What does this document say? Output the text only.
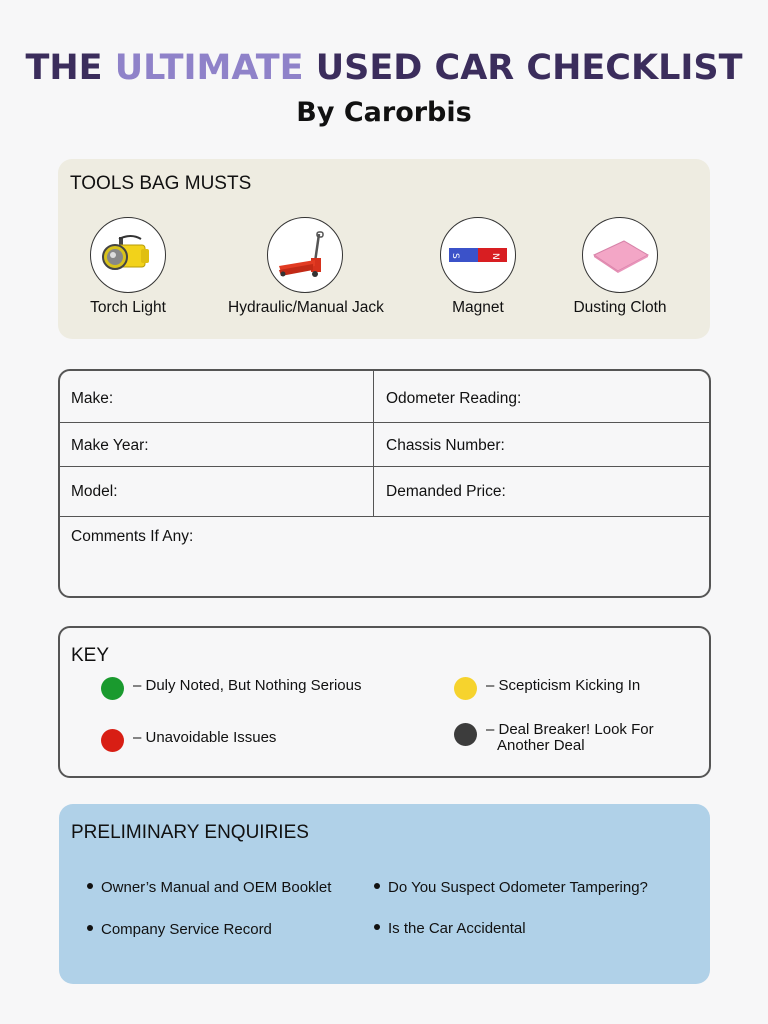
THE ULTIMATE USED CAR CHECKLIST
By Carorbis
TOOLS BAG MUSTS
Torch Light	Hydraulic/Manual Jack
S	N
Magnet	Dusting Cloth
Make:	Odometer Reading:
Make Year:	Chassis Number:
Model:	Demanded Price:
Comments If Any:
KEY
– Duly Noted, But Nothing Serious	– Scepticism Kicking In
– Unavoidable Issues	– Deal Breaker! Look For
Another Deal
PRELIMINARY ENQUIRIES
Owner’s Manual and OEM Booklet	Do You Suspect Odometer Tampering?
Company Service Record	Is the Car Accidental
